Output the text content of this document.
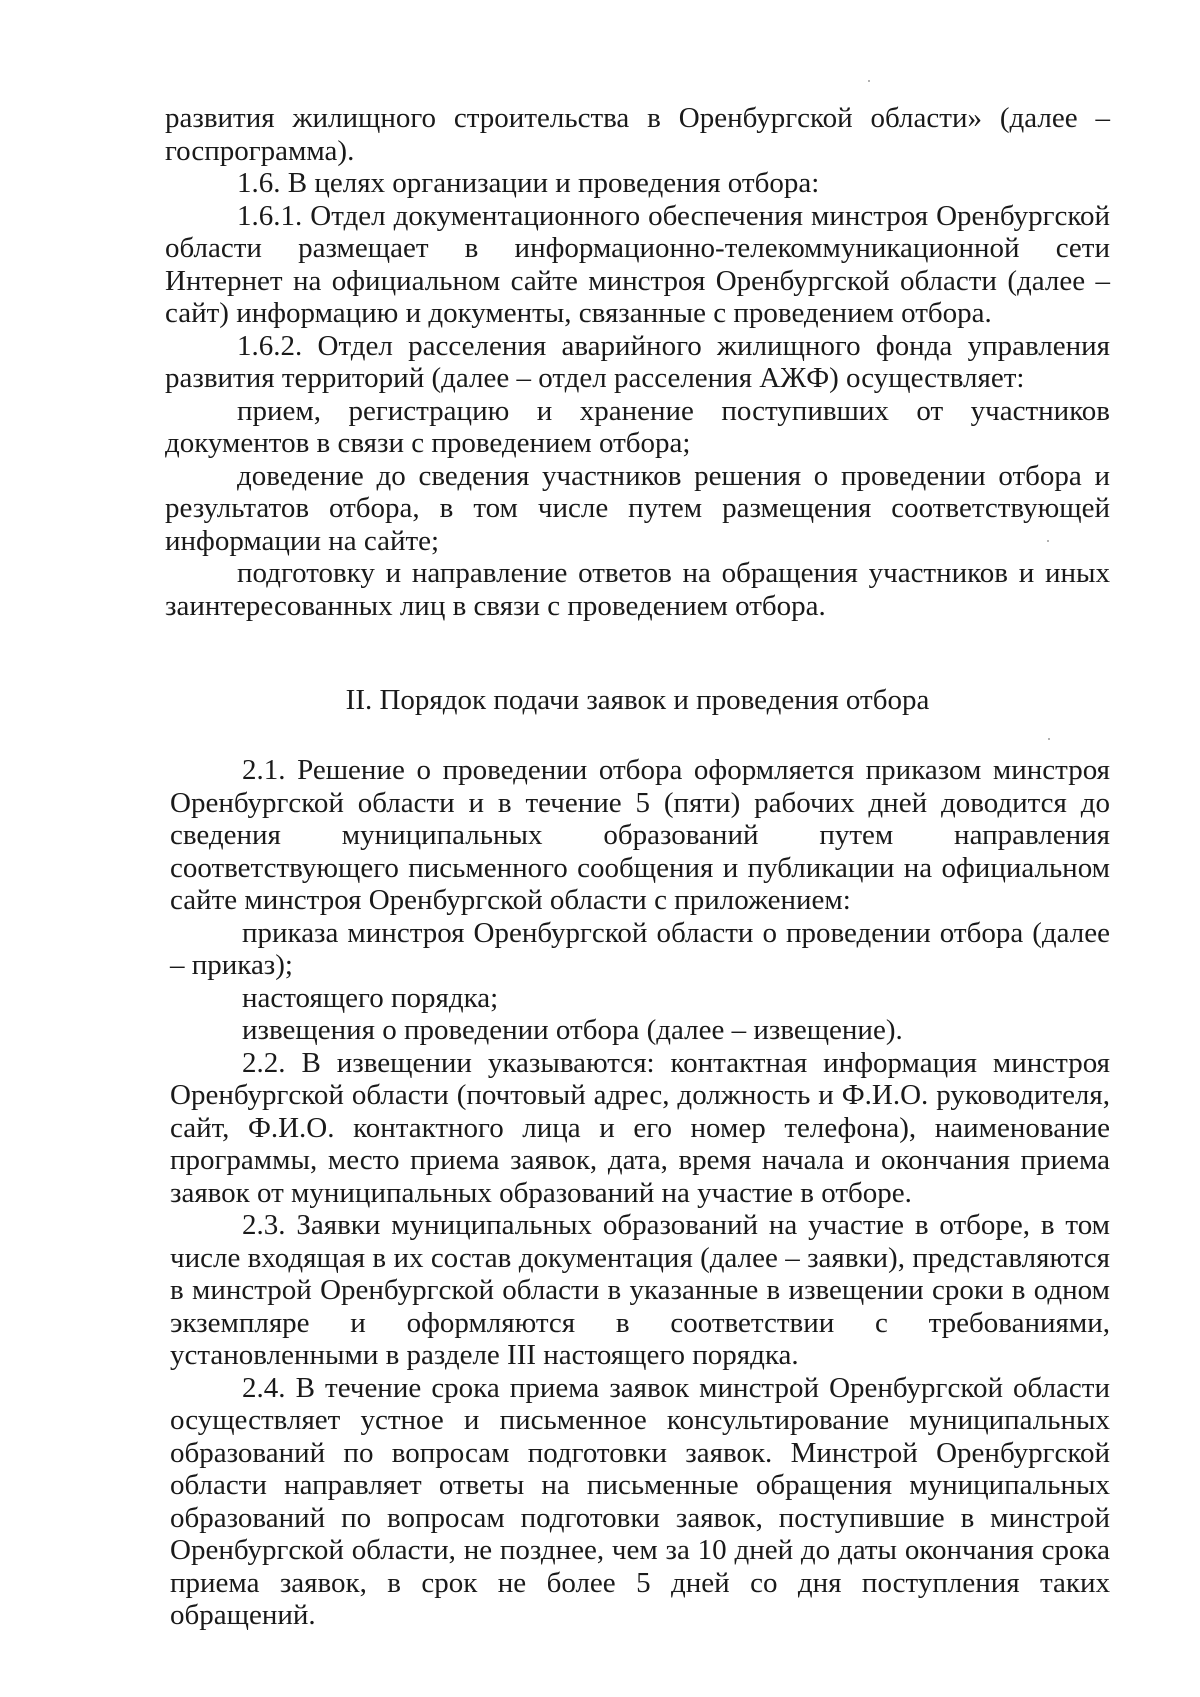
развития жилищного строительства в Оренбургской области» (далее – госпрограмма).

1.6. В целях организации и проведения отбора:

1.6.1. Отдел документационного обеспечения минстроя Оренбургской области размещает в информационно-телекоммуникационной сети Интернет на официальном сайте минстроя Оренбургской области (далее – сайт) информацию и документы, связанные с проведением отбора.

1.6.2. Отдел расселения аварийного жилищного фонда управления развития территорий (далее – отдел расселения АЖФ) осуществляет:

прием, регистрацию и хранение поступивших от участников документов в связи с проведением отбора;

доведение до сведения участников решения о проведении отбора и результатов отбора, в том числе путем размещения соответствующей информации на сайте;

подготовку и направление ответов на обращения участников и иных заинтересованных лиц в связи с проведением отбора.

II. Порядок подачи заявок и проведения отбора

2.1. Решение о проведении отбора оформляется приказом минстроя Оренбургской области и в течение 5 (пяти) рабочих дней доводится до сведения муниципальных образований путем направления соответствующего письменного сообщения и публикации на официальном сайте минстроя Оренбургской области с приложением:

приказа минстроя Оренбургской области о проведении отбора (далее – приказ);

настоящего порядка;

извещения о проведении отбора (далее – извещение).

2.2. В извещении указываются: контактная информация минстроя Оренбургской области (почтовый адрес, должность и Ф.И.О. руководителя, сайт, Ф.И.О. контактного лица и его номер телефона), наименование программы, место приема заявок, дата, время начала и окончания приема заявок от муниципальных образований на участие в отборе.

2.3. Заявки муниципальных образований на участие в отборе, в том числе входящая в их состав документация (далее – заявки), представляются в минстрой Оренбургской области в указанные в извещении сроки в одном экземпляре и оформляются в соответствии с требованиями, установленными в разделе III настоящего порядка.

2.4. В течение срока приема заявок минстрой Оренбургской области осуществляет устное и письменное консультирование муниципальных образований по вопросам подготовки заявок. Минстрой Оренбургской области направляет ответы на письменные обращения муниципальных образований по вопросам подготовки заявок, поступившие в минстрой Оренбургской области, не позднее, чем за 10 дней до даты окончания срока приема заявок, в срок не более 5 дней со дня поступления таких обращений.
